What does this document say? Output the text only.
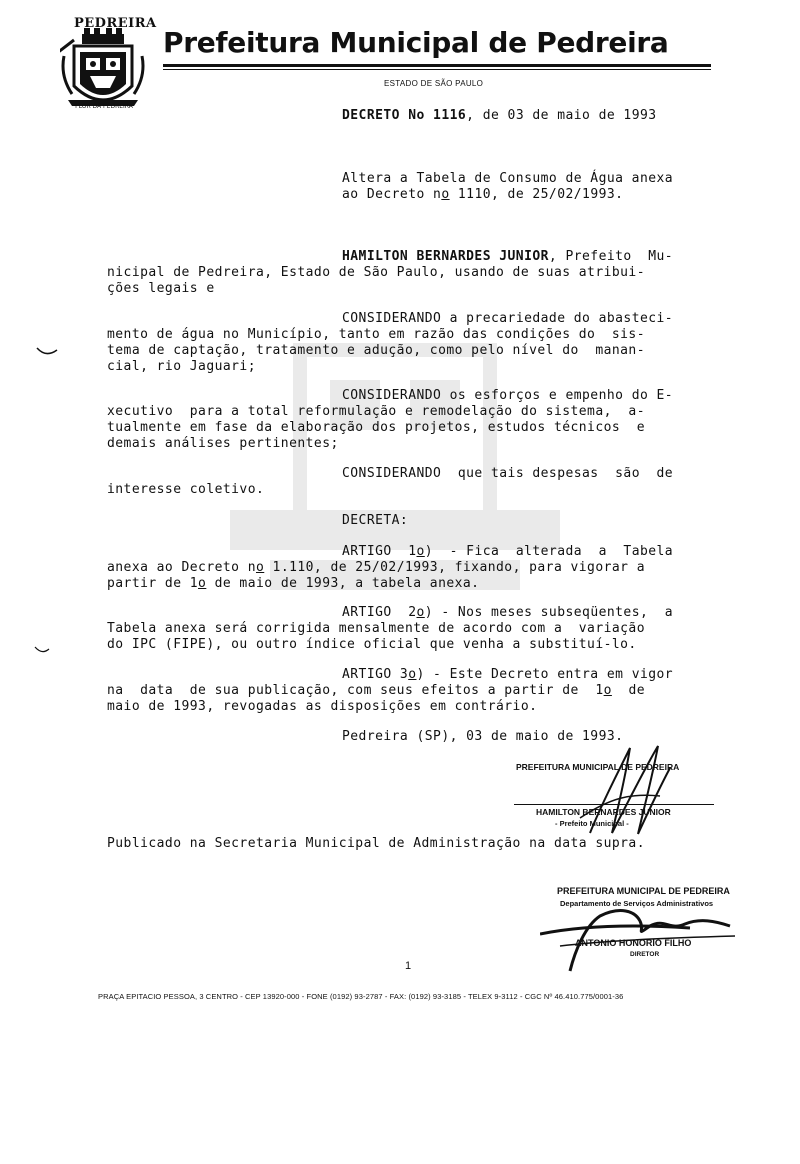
PEDREIRA
FLOR DA PEDREIRA
Prefeitura Municipal de Pedreira
ESTADO DE SÃO PAULO
DECRETO No 1116, de 03 de maio de 1993
Altera a Tabela de Consumo de Água anexa
ao Decreto no 1110, de 25/02/1993.
HAMILTON BERNARDES JUNIOR, Prefeito  Mu-
nicipal de Pedreira, Estado de São Paulo, usando de suas atribui-
ções legais e
CONSIDERANDO a precariedade do abasteci-
mento de água no Município, tanto em razão das condições do  sis-
tema de captação, tratamento e adução, como pelo nível do  manan-
cial, rio Jaguari;
CONSIDERANDO os esforços e empenho do E-
xecutivo  para a total reformulação e remodelação do sistema,  a-
tualmente em fase da elaboração dos projetos, estudos técnicos  e
demais análises pertinentes;
CONSIDERANDO  que tais despesas  são  de
interesse coletivo.
DECRETA:
ARTIGO  1o)  - Fica  alterada  a  Tabela
anexa ao Decreto no 1.110, de 25/02/1993, fixando, para vigorar a
partir de 1o de maio de 1993, a tabela anexa.
ARTIGO  2o) - Nos meses subseqüentes,  a
Tabela anexa será corrigida mensalmente de acordo com a  variação
do IPC (FIPE), ou outro índice oficial que venha a substituí-lo.
ARTIGO 3o) - Este Decreto entra em vigor
na  data  de sua publicação, com seus efeitos a partir de  1o  de
maio de 1993, revogadas as disposições em contrário.
Pedreira (SP), 03 de maio de 1993.
PREFEITURA MUNICIPAL DE PEDREIRA
HAMILTON BERNARDES JUNIOR
- Prefeito Municipal -
Publicado na Secretaria Municipal de Administração na data supra.
PREFEITURA MUNICIPAL DE PEDREIRA
Departamento de Serviços Administrativos
ANTONIO HONORIO FILHO
DIRETOR
1
PRAÇA EPITACIO PESSOA, 3 CENTRO - CEP 13920-000 - FONE (0192) 93-2787 - FAX: (0192) 93-3185 - TELEX 9-3112 - CGC Nº 46.410.775/0001-36
